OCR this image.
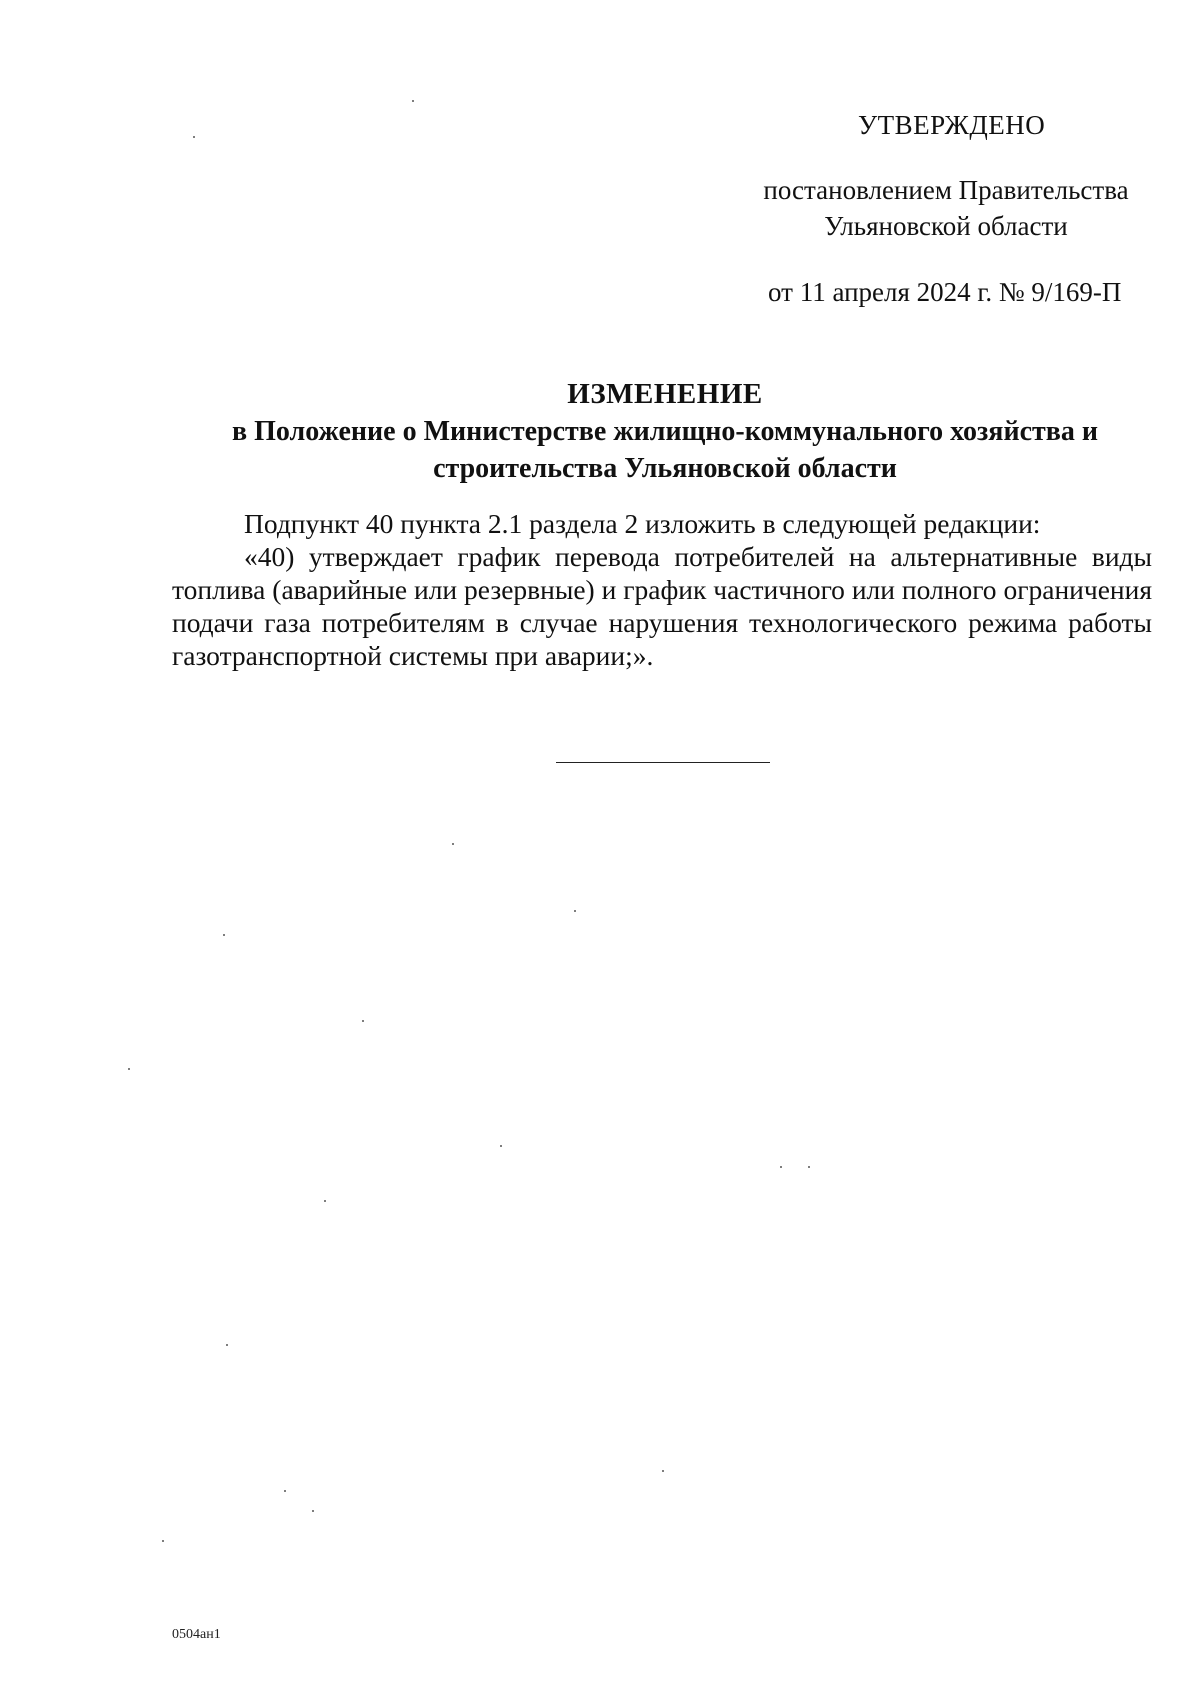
УТВЕРЖДЕНО
постановлением Правительства Ульяновской области
от 11 апреля 2024 г. № 9/169-П
ИЗМЕНЕНИЕ
в Положение о Министерстве жилищно-коммунального хозяйства и строительства Ульяновской области

Подпункт 40 пункта 2.1 раздела 2 изложить в следующей редакции:

«40) утверждает график перевода потребителей на альтернативные виды топлива (аварийные или резервные) и график частичного или полного ограничения подачи газа потребителям в случае нарушения технологического режима работы газотранспортной системы при аварии;».

0504ан1
